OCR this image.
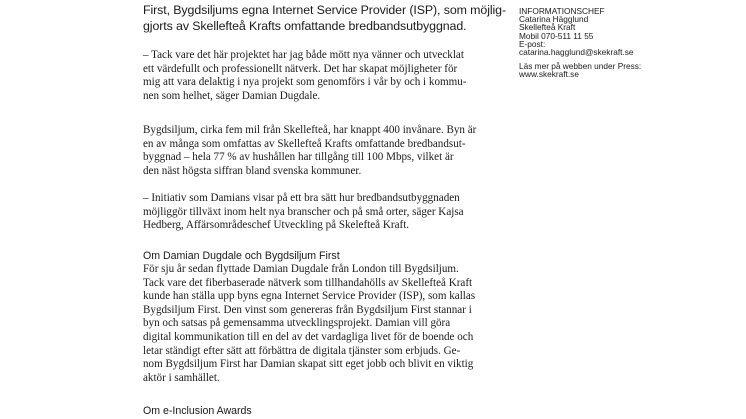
First, Bygdsiljums egna Internet Service Provider (ISP), som möjlig-

gjorts av Skellefteå Krafts omfattande bredbandsutbyggnad.

– Tack vare det här projektet har jag både mött nya vänner och utvecklat

ett värdefullt och professionellt nätverk. Det har skapat möjligheter för

mig att vara delaktig i nya projekt som genomförs i vår by och i kommu-

nen som helhet, säger Damian Dugdale.

Bygdsiljum, cirka fem mil från Skellefteå, har knappt 400 invånare. Byn är

en av många som omfattas av Skellefteå Krafts omfattande bredbandsut-

byggnad – hela 77 % av hushållen har tillgång till 100 Mbps, vilket är

den näst högsta siffran bland svenska kommuner.

– Initiativ som Damians visar på ett bra sätt hur bredbandsutbyggnaden

möjliggör tillväxt inom helt nya branscher och på små orter, säger Kajsa

Hedberg, Affärsområdeschef Utveckling på Skelefteå Kraft.

Om Damian Dugdale och Bygdsiljum First

För sju år sedan flyttade Damian Dugdale från London till Bygdsiljum.

Tack vare det fiberbaserade nätverk som tillhandahölls av Skellefteå Kraft

kunde han ställa upp byns egna Internet Service Provider (ISP), som kallas

Bygdsiljum First. Den vinst som genereras från Bygdsiljum First stannar i

byn och satsas på gemensamma utvecklingsprojekt. Damian vill göra

digital kommunikation till en del av det vardagliga livet för de boende och

letar ständigt efter sätt att förbättra de digitala tjänster som erbjuds. Ge-

nom Bygdsiljum First har Damian skapat sitt eget jobb och blivit en viktig

aktör i samhället.

Om e-Inclusion Awards

INFORMATIONSCHEF

Catarina Hägglund

Skellefteå Kraft

Mobil 070-511 11 55

E-post:

catarina.hagglund@skekraft.se

Läs mer på webben under Press:

www.skekraft.se
